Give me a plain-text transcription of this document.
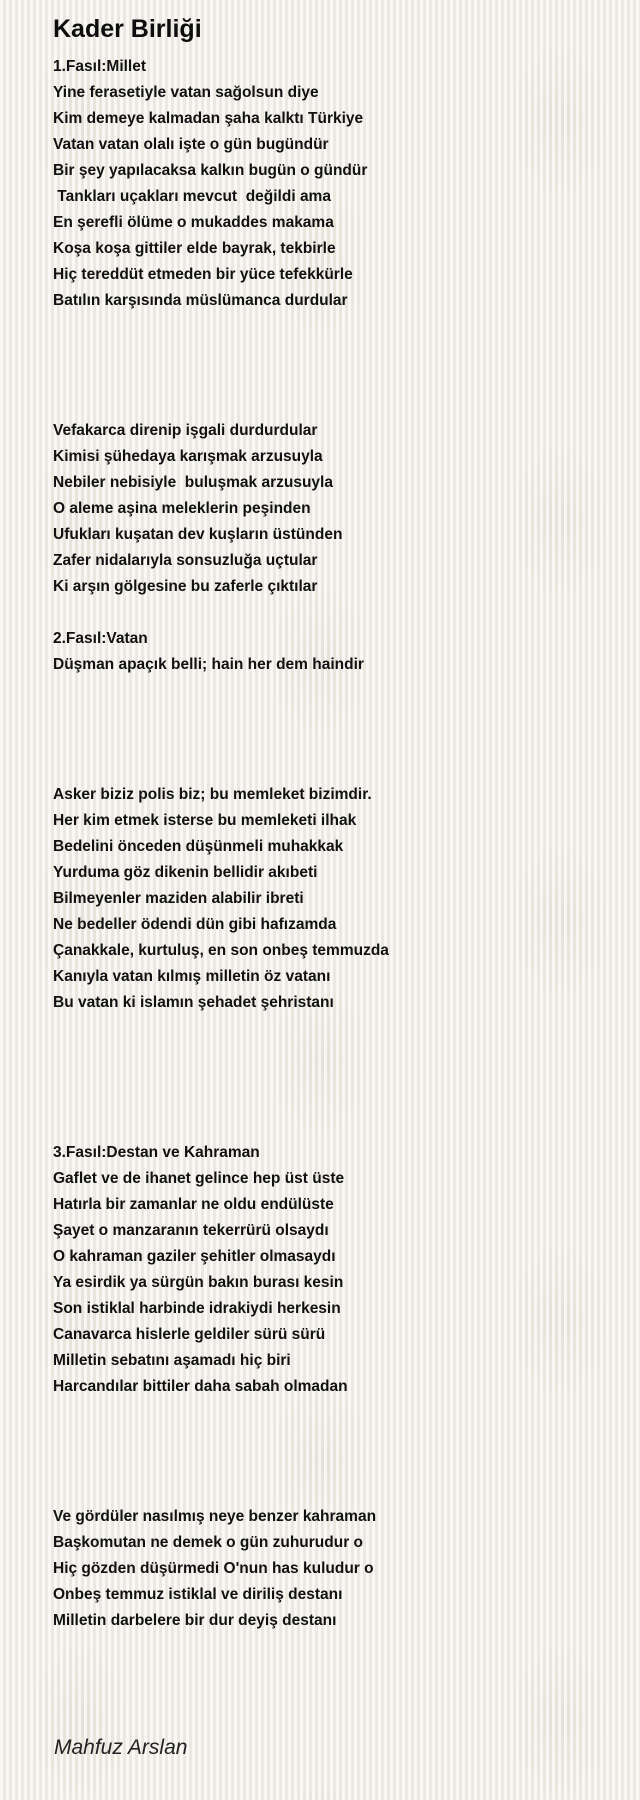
Kader Birliği
1.Fasıl:Millet
Yine ferasetiyle vatan sağolsun diye
Kim demeye kalmadan şaha kalktı Türkiye
Vatan vatan olalı işte o gün bugündür
Bir şey yapılacaksa kalkın bugün o gündür
Tankları uçakları mevcut  değildi ama
En şerefli ölüme o mukaddes makama
Koşa koşa gittiler elde bayrak, tekbirle
Hiç tereddüt etmeden bir yüce tefekkürle
Batılın karşısında müslümanca durdular
Vefakarca direnip işgali durdurdular
Kimisi şühedaya karışmak arzusuyla
Nebiler nebisiyle  buluşmak arzusuyla
O aleme aşina meleklerin peşinden
Ufukları kuşatan dev kuşların üstünden
Zafer nidalarıyla sonsuzluğa uçtular
Ki arşın gölgesine bu zaferle çıktılar
2.Fasıl:Vatan
Düşman apaçık belli; hain her dem haindir
Asker biziz polis biz; bu memleket bizimdir.
Her kim etmek isterse bu memleketi ilhak
Bedelini önceden düşünmeli muhakkak
Yurduma göz dikenin bellidir akıbeti
Bilmeyenler maziden alabilir ibreti
Ne bedeller ödendi dün gibi hafızamda
Çanakkale, kurtuluş, en son onbeş temmuzda
Kanıyla vatan kılmış milletin öz vatanı
Bu vatan ki islamın şehadet şehristanı
3.Fasıl:Destan ve Kahraman
Gaflet ve de ihanet gelince hep üst üste
Hatırla bir zamanlar ne oldu endülüste
Şayet o manzaranın tekerrürü olsaydı
O kahraman gaziler şehitler olmasaydı
Ya esirdik ya sürgün bakın burası kesin
Son istiklal harbinde idrakiydi herkesin
Canavarca hislerle geldiler sürü sürü
Milletin sebatını aşamadı hiç biri
Harcandılar bittiler daha sabah olmadan
Ve gördüler nasılmış neye benzer kahraman
Başkomutan ne demek o gün zuhurudur o
Hiç gözden düşürmedi O'nun has kuludur o
Onbeş temmuz istiklal ve diriliş destanı
Milletin darbelere bir dur deyiş destanı
Mahfuz Arslan
